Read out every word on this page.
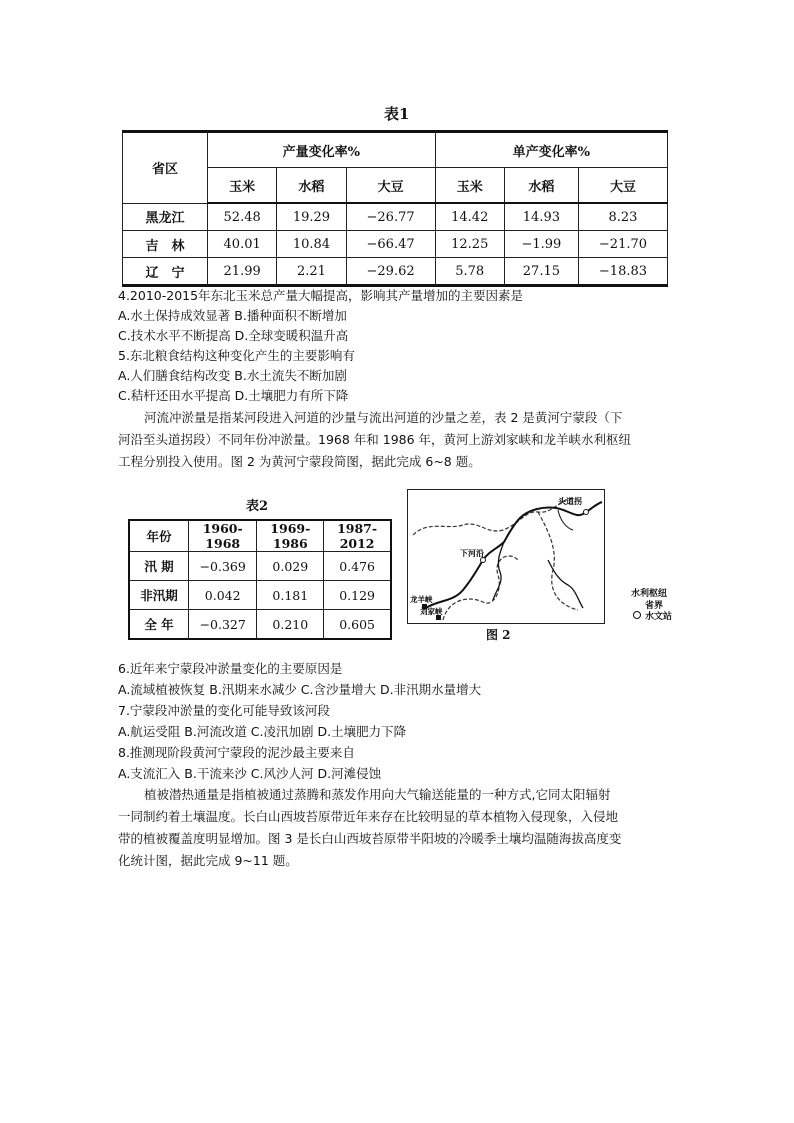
表1
省区	产量变化率%			单产变化率%		
	玉米	水稻	大豆	玉米	水稻	大豆
黑龙江	52.48	19.29	−26.77	14.42	14.93	8.23
吉　林	40.01	10.84	−66.47	12.25	−1.99	−21.70
辽　宁	21.99	2.21	−29.62	5.78	27.15	−18.83
4.2010-2015年东北玉米总产量大幅提高，影响其产量增加的主要因素是
A.水土保持成效显著 B.播种面积不断增加
C.技术水平不断提高 D.全球变暖积温升高
5.东北粮食结构这种变化产生的主要影响有
A.人们膳食结构改变 B.水土流失不断加剧
C.秸杆还田水平提高 D.土壤肥力有所下降
河流冲淤量是指某河段进入河道的沙量与流出河道的沙量之差，表 2 是黄河宁蒙段（下
河沿至头道拐段）不同年份冲淤量。1968 年和 1986 年，黄河上游刘家峡和龙羊峡水利枢纽
工程分别投入使用。图 2 为黄河宁蒙段简图，据此完成 6~8 题。
表2
年份	1960-1968	1969-1986	1987-2012
汛 期	−0.369	0.029	0.476
非汛期	0.042	0.181	0.129
全 年	−0.327	0.210	0.605
头道拐
下河沿
龙羊峡
刘家峡
图 2
水利枢纽
省界
水文站
6.近年来宁蒙段冲淤量变化的主要原因是
A.流域植被恢复 B.汛期来水减少 C.含沙量增大 D.非汛期水量增大
7.宁蒙段冲淤量的变化可能导致该河段
A.航运受阻 B.河流改道 C.凌汛加剧 D.土壤肥力下降
8.推测现阶段黄河宁蒙段的泥沙最主要来自
A.支流汇入 B.干流来沙 C.风沙人河 D.河滩侵蚀
植被潜热通量是指植被通过蒸腾和蒸发作用向大气输送能量的一种方式,它同太阳辐射
一同制约着土壤温度。长白山西坡苔原带近年来存在比较明显的草本植物入侵现象，入侵地
带的植被覆盖度明显增加。图 3 是长白山西坡苔原带半阳坡的冷暖季土壤均温随海拔高度变
化统计图，据此完成 9~11 题。
